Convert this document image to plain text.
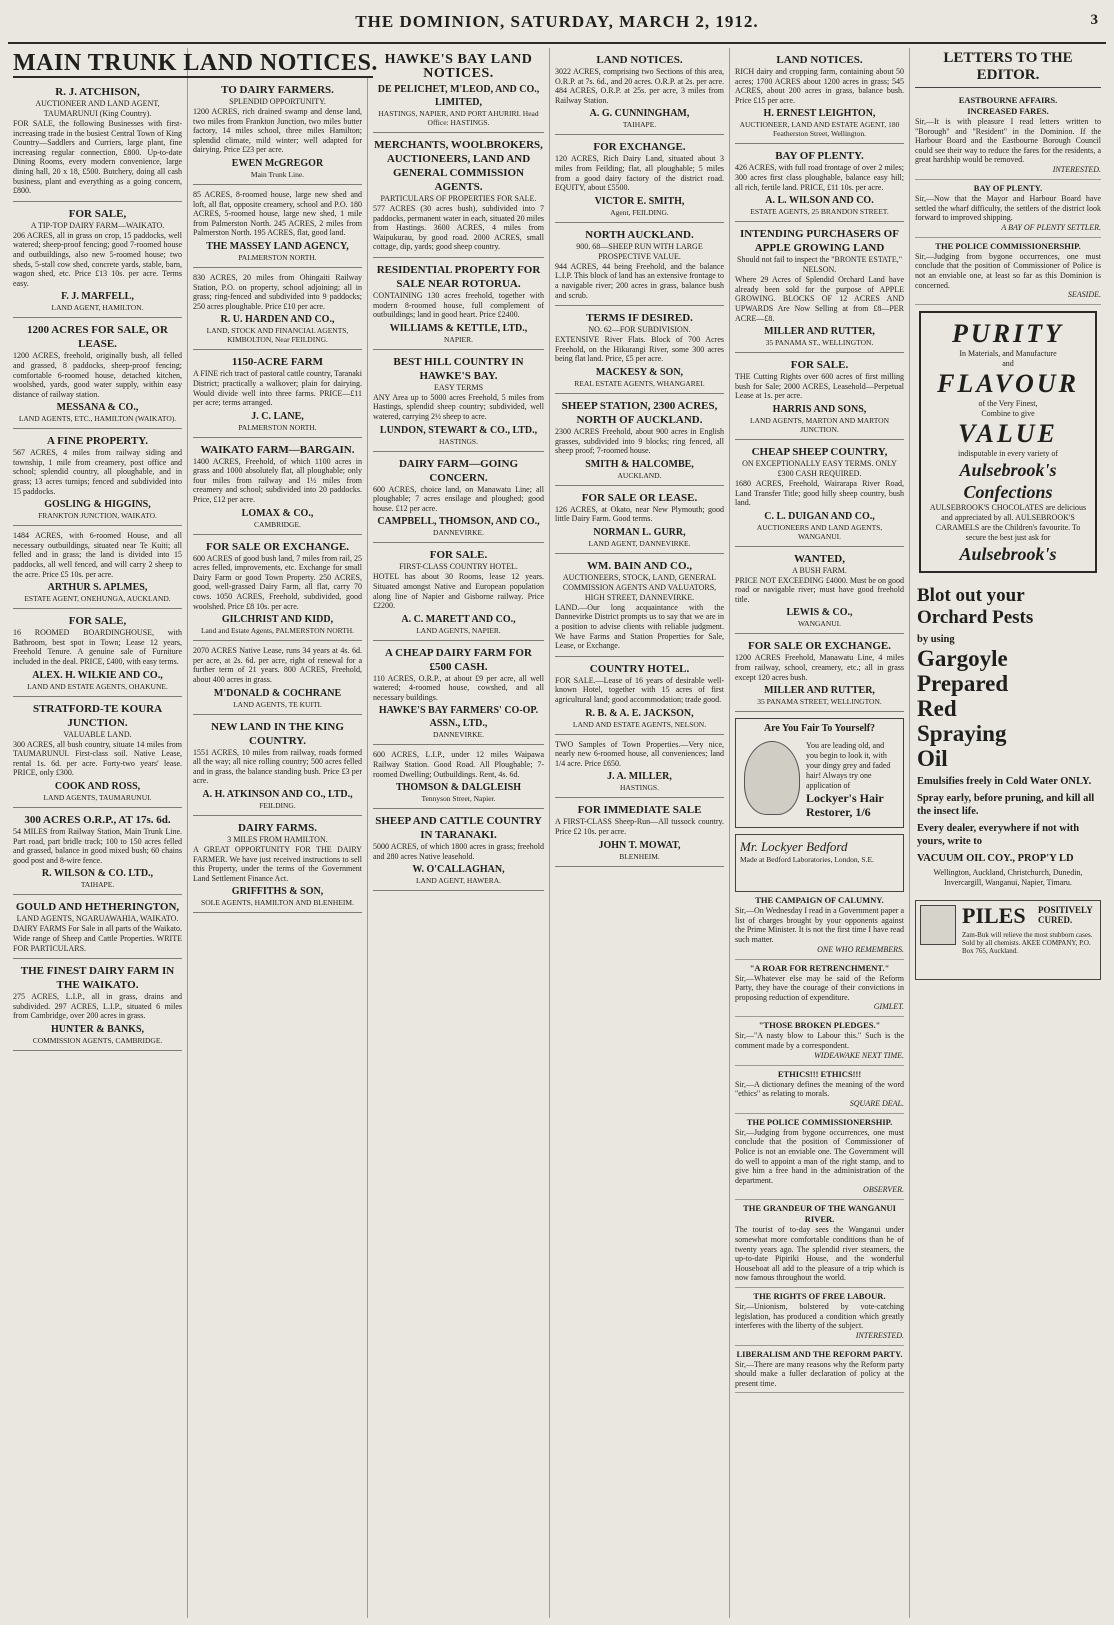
THE DOMINION, SATURDAY, MARCH 2, 1912.	3
MAIN TRUNK LAND NOTICES.
R. J. ATCHISON,
AUCTIONEER AND LAND AGENT, TAUMARUNUI (King Country).
FOR SALE, the following Businesses with first-increasing trade in the busiest Central Town of King Country—Saddlers and Curriers, large plant, fine increasing regular connection, £800. Up-to-date Dining Rooms, every modern convenience, large dining hall, 20 x 18, £500. Butchery, doing all cash business, plant and everything as a going concern, £800.
FOR SALE,
A TIP-TOP DAIRY FARM—WAIKATO.
206 ACRES, all in grass on crop, 15 paddocks, well watered; sheep-proof fencing; good 7-roomed house and outbuildings, also new 5-roomed house; two sheds, 5-stall cow shed, concrete yards, stable, barn, wagon shed, etc. Price £13 10s. per acre. Terms easy.
F. J. MARFELL,
LAND AGENT, HAMILTON.
1200 ACRES FOR SALE, OR LEASE.
1200 ACRES, freehold, originally bush, all felled and grassed, 8 paddocks, sheep-proof fencing; comfortable 6-roomed house, detached kitchen, woolshed, yards, good water supply, within easy distance of railway station.
MESSANA & CO.,
LAND AGENTS, ETC., HAMILTON (WAIKATO).
A FINE PROPERTY.
567 ACRES, 4 miles from railway siding and township, 1 mile from creamery, post office and school; splendid country, all ploughable, and in grass; 13 acres turnips; fenced and subdivided into 15 paddocks.
GOSLING & HIGGINS,
FRANKTON JUNCTION, WAIKATO.
1484 ACRES, with 6-roomed House, and all necessary outbuildings, situated near Te Kuiti; all felled and in grass; the land is divided into 15 paddocks, all well fenced, and will carry 2 sheep to the acre. Price £5 10s. per acre.
ARTHUR S. APLMES,
ESTATE AGENT, ONEHUNGA, AUCKLAND.
FOR SALE,
16 ROOMED BOARDINGHOUSE, with Bathroom, best spot in Town; Lease 12 years, Freehold Tenure. A genuine sale of Furniture included in the deal. PRICE, £400, with easy terms.
ALEX. H. WILKIE AND CO.,
LAND AND ESTATE AGENTS, OHAKUNE.
STRATFORD-TE KOURA JUNCTION.
VALUABLE LAND.
300 ACRES, all bush country, situate 14 miles from TAUMARUNUI. First-class soil. Native Lease, rental 1s. 6d. per acre. Forty-two years' lease. PRICE, only £300.
COOK AND ROSS,
LAND AGENTS, TAUMARUNUI.
300 ACRES O.R.P., AT 17s. 6d.
54 MILES from Railway Station, Main Trunk Line. Part road, part bridle track; 100 to 150 acres felled and grassed, balance in good mixed bush; 60 chains good post and 8-wire fence.
R. WILSON & CO. LTD.,
TAIHAPE.
GOULD AND HETHERINGTON,
LAND AGENTS, NGARUAWAHIA, WAIKATO.
DAIRY FARMS For Sale in all parts of the Waikato. Wide range of Sheep and Cattle Properties. WRITE FOR PARTICULARS.
THE FINEST DAIRY FARM IN THE WAIKATO.
275 ACRES, L.I.P., all in grass, drains and subdivided. 297 ACRES, L.I.P., situated 6 miles from Cambridge, over 200 acres in grass.
HUNTER & BANKS,
COMMISSION AGENTS, CAMBRIDGE.
TO DAIRY FARMERS.
SPLENDID OPPORTUNITY.
1200 ACRES, rich drained swamp and dense land, two miles from Frankton Junction, two miles butter factory, 14 miles school, three miles Hamilton; splendid climate, mild winter; well adapted for dairying. Price £23 per acre.
EWEN McGREGOR
Main Trunk Line.
85 ACRES, 8-roomed house, large new shed and loft, all flat, opposite creamery, school and P.O. 180 ACRES, 5-roomed house, large new shed, 1 mile from Palmerston North. 245 ACRES, 2 miles from Palmerston North. 195 ACRES, flat, good land.
THE MASSEY LAND AGENCY,
PALMERSTON NORTH.
830 ACRES, 20 miles from Ohingaiti Railway Station, P.O. on property, school adjoining; all in grass; ring-fenced and subdivided into 9 paddocks; 250 acres ploughable. Price £10 per acre.
R. U. HARDEN AND CO.,
LAND, STOCK AND FINANCIAL AGENTS, KIMBOLTON, Near FEILDING.
1150-ACRE FARM
A FINE rich tract of pastoral cattle country, Taranaki District; practically a walkover; plain for dairying. Would divide well into three farms. PRICE—£11 per acre; terms arranged.
J. C. LANE,
PALMERSTON NORTH.
WAIKATO FARM—BARGAIN.
1400 ACRES, Freehold, of which 1100 acres in grass and 1000 absolutely flat, all ploughable; only four miles from railway and 1½ miles from creamery and school; subdivided into 20 paddocks. Price, £12 per acre.
LOMAX & CO.,
CAMBRIDGE.
FOR SALE OR EXCHANGE.
600 ACRES of good bush land, 7 miles from rail, 25 acres felled, improvements, etc. Exchange for small Dairy Farm or good Town Property. 250 ACRES, good, well-grassed Dairy Farm, all flat, carry 70 cows. 1050 ACRES, Freehold, subdivided, good woolshed. Price £8 10s. per acre.
GILCHRIST AND KIDD,
Land and Estate Agents, PALMERSTON NORTH.
2070 ACRES Native Lease, runs 34 years at 4s. 6d. per acre, at 2s. 6d. per acre, right of renewal for a further term of 21 years. 800 ACRES, Freehold, about 400 acres in grass.
M'DONALD & COCHRANE
LAND AGENTS, TE KUITI.
NEW LAND IN THE KING COUNTRY.
1551 ACRES, 10 miles from railway, roads formed all the way; all nice rolling country; 500 acres felled and in grass, the balance standing bush. Price £3 per acre.
A. H. ATKINSON AND CO., LTD.,
FEILDING.
DAIRY FARMS.
3 MILES FROM HAMILTON.
A GREAT OPPORTUNITY FOR THE DAIRY FARMER. We have just received instructions to sell this Property, under the terms of the Government Land Settlement Finance Act.
GRIFFITHS & SON,
SOLE AGENTS, HAMILTON AND BLENHEIM.
HAWKE'S BAY LAND NOTICES.
DE PELICHET, M'LEOD, AND CO., LIMITED,
HASTINGS, NAPIER, AND PORT AHURIRI. Head Office: HASTINGS.
MERCHANTS, WOOLBROKERS, AUCTIONEERS, LAND AND GENERAL COMMISSION AGENTS.
PARTICULARS OF PROPERTIES FOR SALE.
577 ACRES (30 acres bush), subdivided into 7 paddocks, permanent water in each, situated 20 miles from Hastings. 3600 ACRES, 4 miles from Waipukurau, by good road. 2000 ACRES, small cottage, dip, yards; good sheep country.
RESIDENTIAL PROPERTY FOR SALE NEAR ROTORUA.
CONTAINING 130 acres freehold, together with modern 8-roomed house, full complement of outbuildings; land in good heart. Price £2400.
WILLIAMS & KETTLE, LTD.,
NAPIER.
BEST HILL COUNTRY IN HAWKE'S BAY.
EASY TERMS
ANY Area up to 5000 acres Freehold, 5 miles from Hastings, splendid sheep country; subdivided, well watered, carrying 2½ sheep to acre.
LUNDON, STEWART & CO., LTD.,
HASTINGS.
DAIRY FARM—GOING CONCERN.
600 ACRES, choice land, on Manawatu Line; all ploughable; 7 acres ensilage and ploughed; good house. £12 per acre.
CAMPBELL, THOMSON, AND CO.,
DANNEVIRKE.
FOR SALE.
FIRST-CLASS COUNTRY HOTEL.
HOTEL has about 30 Rooms, lease 12 years. Situated amongst Native and European population along line of Napier and Gisborne railway. Price £2200.
A. C. MARETT AND CO.,
LAND AGENTS, NAPIER.
A CHEAP DAIRY FARM FOR £500 CASH.
110 ACRES, O.R.P., at about £9 per acre, all well watered; 4-roomed house, cowshed, and all necessary buildings.
HAWKE'S BAY FARMERS' CO-OP. ASSN., LTD.,
DANNEVIRKE.
600 ACRES, L.I.P., under 12 miles Waipawa Railway Station. Good Road. All Ploughable; 7-roomed Dwelling; Outbuildings. Rent, 4s. 6d.
THOMSON & DALGLEISH
Tennyson Street, Napier.
SHEEP AND CATTLE COUNTRY IN TARANAKI.
5000 ACRES, of which 1800 acres in grass; freehold and 280 acres Native leasehold.
W. O'CALLAGHAN,
LAND AGENT, HAWERA.
LAND NOTICES.
3022 ACRES, comprising two Sections of this area, O.R.P. at 7s. 6d., and 20 acres. O.R.P. at 2s. per acre. 484 ACRES, O.R.P. at 25s. per acre, 3 miles from Railway Station.
A. G. CUNNINGHAM,
TAIHAPE.
FOR EXCHANGE.
120 ACRES, Rich Dairy Land, situated about 3 miles from Feilding; flat, all ploughable; 5 miles from a good dairy factory of the district road. EQUITY, about £5500.
VICTOR E. SMITH,
Agent, FEILDING.
NORTH AUCKLAND.
900. 68—SHEEP RUN WITH LARGE PROSPECTIVE VALUE.
944 ACRES, 44 being Freehold, and the balance L.I.P. This block of land has an extensive frontage to a navigable river; 200 acres in grass, balance bush and scrub.
TERMS IF DESIRED.
NO. 62—FOR SUBDIVISION.
EXTENSIVE River Flats. Block of 700 Acres Freehold, on the Hikurangi River, some 300 acres being flat land. Price, £5 per acre.
MACKESY & SON,
REAL ESTATE AGENTS, WHANGAREI.
SHEEP STATION, 2300 ACRES, NORTH OF AUCKLAND.
2300 ACRES Freehold, about 900 acres in English grasses, subdivided into 9 blocks; ring fenced, all sheep proof; 7-roomed house.
SMITH & HALCOMBE,
AUCKLAND.
FOR SALE OR LEASE.
126 ACRES, at Okato, near New Plymouth; good little Dairy Farm. Good terms.
NORMAN L. GURR,
LAND AGENT, DANNEVIRKE.
WM. BAIN AND CO.,
AUCTIONEERS, STOCK, LAND, GENERAL COMMISSION AGENTS AND VALUATORS, HIGH STREET, DANNEVIRKE.
LAND.—Our long acquaintance with the Dannevirke District prompts us to say that we are in a position to advise clients with reliable judgment. We have Farms and Station Properties for Sale, Lease, or Exchange.
COUNTRY HOTEL.
FOR SALE.—Lease of 16 years of desirable well-known Hotel, together with 15 acres of first agricultural land; good accommodation; trade good.
R. B. & A. E. JACKSON,
LAND AND ESTATE AGENTS, NELSON.
TWO Samples of Town Properties.—Very nice, nearly new 6-roomed house, all conveniences; land 1/4 acre. Price £650.
J. A. MILLER,
HASTINGS.
FOR IMMEDIATE SALE
A FIRST-CLASS Sheep-Run—All tussock country. Price £2 10s. per acre.
JOHN T. MOWAT,
BLENHEIM.
LAND NOTICES.
RICH dairy and cropping farm, containing about 50 acres; 1700 ACRES about 1200 acres in grass; 545 ACRES, about 200 acres in grass, balance bush. Price £15 per acre.
H. ERNEST LEIGHTON,
AUCTIONEER, LAND AND ESTATE AGENT, 180 Featherston Street, Wellington.
BAY OF PLENTY.
426 ACRES, with full road frontage of over 2 miles; 300 acres first class ploughable, balance easy hill; all rich, fertile land. PRICE, £11 10s. per acre.
A. L. WILSON AND CO.
ESTATE AGENTS, 25 BRANDON STREET.
INTENDING PURCHASERS OF APPLE GROWING LAND
Should not fail to inspect the "BRONTE ESTATE," NELSON.
Where 29 Acres of Splendid Orchard Land have already been sold for the purpose of APPLE GROWING. BLOCKS OF 12 ACRES AND UPWARDS Are Now Selling at from £8—PER ACRE—£8.
MILLER AND RUTTER,
35 PANAMA ST., WELLINGTON.
FOR SALE.
THE Cutting Rights over 600 acres of first milling bush for Sale; 2000 ACRES, Leasehold—Perpetual Lease at 1s. per acre.
HARRIS AND SONS,
LAND AGENTS, MARTON AND MARTON JUNCTION.
CHEAP SHEEP COUNTRY,
ON EXCEPTIONALLY EASY TERMS. ONLY £300 CASH REQUIRED.
1680 ACRES, Freehold, Wairarapa River Road, Land Transfer Title; good hilly sheep country, bush land.
C. L. DUIGAN AND CO.,
AUCTIONEERS AND LAND AGENTS, WANGANUI.
WANTED,
A BUSH FARM.
PRICE NOT EXCEEDING £4000. Must be on good road or navigable river; must have good freehold title.
LEWIS & CO.,
WANGANUI.
FOR SALE OR EXCHANGE.
1200 ACRES Freehold, Manawatu Line, 4 miles from railway, school, creamery, etc.; all in grass except 120 acres bush.
MILLER AND RUTTER,
35 PANAMA STREET, WELLINGTON.
Are You Fair To Yourself?
You are leading old, and you begin to look it, with your dingy grey and faded hair! Always try one application of
Lockyer's Hair Restorer, 1/6
Mr. Lockyer Bedford
Made at Bedford Laboratories, London, S.E.
THE CAMPAIGN OF CALUMNY.
Sir,—On Wednesday I read in a Government paper a list of charges brought by your opponents against the Prime Minister. It is not the first time I have read such matter.
ONE WHO REMEMBERS.
"A ROAR FOR RETRENCHMENT."
Sir,—Whatever else may be said of the Reform Party, they have the courage of their convictions in proposing reduction of expenditure.
GIMLET.
"THOSE BROKEN PLEDGES."
Sir,—"A nasty blow to Labour this." Such is the comment made by a correspondent.
WIDEAWAKE NEXT TIME.
ETHICS!!! ETHICS!!!
Sir,—A dictionary defines the meaning of the word "ethics" as relating to morals.
SQUARE DEAL.
THE POLICE COMMISSIONERSHIP.
Sir,—Judging from bygone occurrences, one must conclude that the position of Commissioner of Police is not an enviable one. The Government will do well to appoint a man of the right stamp, and to give him a free hand in the administration of the department.
OBSERVER.
THE GRANDEUR OF THE WANGANUI RIVER.
The tourist of to-day sees the Wanganui under somewhat more comfortable conditions than he of twenty years ago. The splendid river steamers, the up-to-date Pipiriki House, and the wonderful Houseboat all add to the pleasure of a trip which is now famous throughout the world.
THE RIGHTS OF FREE LABOUR.
Sir,—Unionism, bolstered by vote-catching legislation, has produced a condition which greatly interferes with the liberty of the subject.
INTERESTED.
LIBERALISM AND THE REFORM PARTY.
Sir,—There are many reasons why the Reform party should make a fuller declaration of policy at the present time.
LETTERS TO THE EDITOR.
EASTBOURNE AFFAIRS.
INCREASED FARES.
Sir,—It is with pleasure I read letters written to "Borough" and "Resident" in the Dominion. If the Harbour Board and the Eastbourne Borough Council could see their way to reduce the fares for the residents, a great hardship would be removed.
INTERESTED.
BAY OF PLENTY.
Sir,—Now that the Mayor and Harbour Board have settled the wharf difficulty, the settlers of the district look forward to improved shipping.
A BAY OF PLENTY SETTLER.
THE POLICE COMMISSIONERSHIP.
Sir,—Judging from bygone occurrences, one must conclude that the position of Commissioner of Police is not an enviable one, at least so far as this Dominion is concerned.
SEASIDE.
PURITY
In Materials, and Manufacture
and
FLAVOUR
of the Very Finest,
Combine to give
VALUE
indisputable in every variety of
Aulsebrook's Confections
AULSEBROOK'S CHOCOLATES are delicious and appreciated by all. AULSEBROOK'S CARAMELS are the Children's favourite. To secure the best just ask for
Aulsebrook's
Blot out your
Orchard Pests
by using
Gargoyle
Prepared
Red
Spraying
Oil
Emulsifies freely in Cold Water ONLY.
Spray early, before pruning, and kill all the insect life.
Every dealer, everywhere if not with yours, write to
VACUUM OIL COY., PROP'Y LD
Wellington, Auckland, Christchurch, Dunedin, Invercargill, Wanganui, Napier, Timaru.
PILES POSITIVELY CURED.
Zam-Buk will relieve the most stubborn cases. Sold by all chemists. AKEE COMPANY, P.O. Box 765, Auckland.
